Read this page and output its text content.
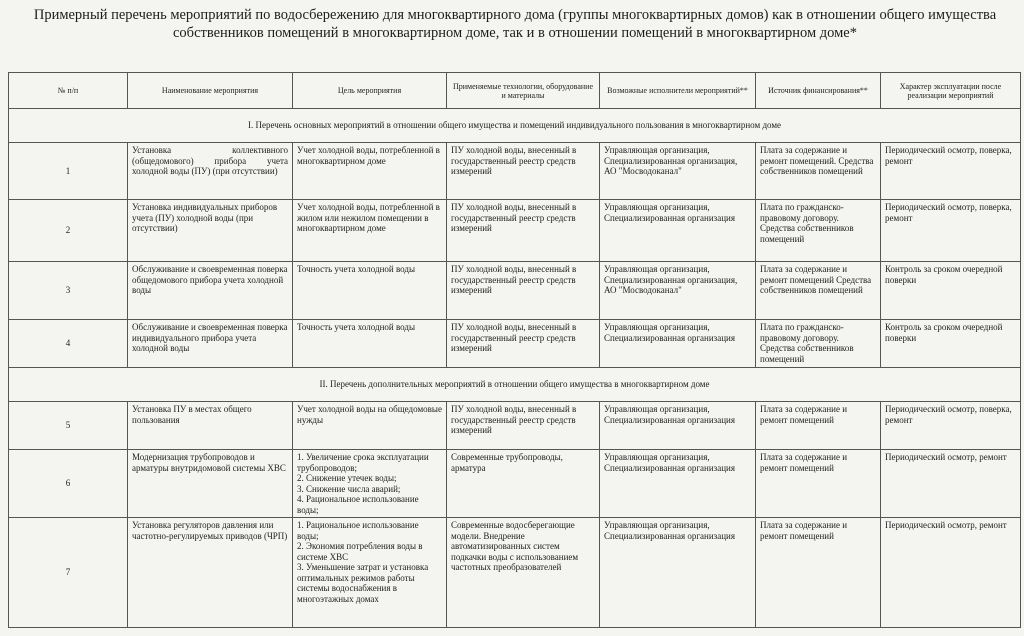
Примерный перечень мероприятий по водосбережению для многоквартирного дома (группы многоквартирных домов) как в отношении общего имущества собственников помещений в многоквартирном доме, так и в отношении помещений в многоквартирном доме*
№ п/п	Наименование мероприятия	Цель мероприятия	Применяемые технологии, оборудование и материалы	Возможные исполнители мероприятий**	Источник финансирования**	Характер эксплуатации после реализации мероприятий
I. Перечень основных мероприятий в отношении общего имущества и помещений индивидуального пользования в многоквартирном доме						
1	Установка коллективного (общедомового) прибора учета холодной воды (ПУ) (при отсутствии)	Учет холодной воды, потребленной в многоквартирном доме	ПУ холодной воды, внесенный в государственный реестр средств измерений	Управляющая организация, Специализированная организация, АО "Мосводоканал"	Плата за содержание и ремонт помещений. Средства собственников помещений	Периодический осмотр, поверка, ремонт
2	Установка индивидуальных приборов учета (ПУ) холодной воды (при отсутствии)	Учет холодной воды, потребленной в жилом или нежилом помещении в многоквартирном доме	ПУ холодной воды, внесенный в государственный реестр средств измерений	Управляющая организация, Специализированная организация	Плата по гражданско-правовому договору. Средства собственников помещений	Периодический осмотр, поверка, ремонт
3	Обслуживание и своевременная поверка общедомового прибора учета холодной воды	Точность учета холодной воды	ПУ холодной воды, внесенный в государственный реестр средств измерений	Управляющая организация, Специализированная организация, АО "Мосводоканал"	Плата за содержание и ремонт помещений Средства собственников помещений	Контроль за сроком очередной поверки
4	Обслуживание и своевременная поверка индивидуального прибора учета холодной воды	Точность учета холодной воды	ПУ холодной воды, внесенный в государственный реестр средств измерений	Управляющая организация, Специализированная организация	Плата по гражданско-правовому договору. Средства собственников помещений	Контроль за сроком очередной поверки
II. Перечень дополнительных мероприятий в отношении общего имущества в многоквартирном доме						
5	Установка ПУ в местах общего пользования	Учет холодной воды на общедомовые нужды	ПУ холодной воды, внесенный в государственный реестр средств измерений	Управляющая организация, Специализированная организация	Плата за содержание и ремонт помещений	Периодический осмотр, поверка, ремонт
6	Модернизация трубопроводов и арматуры внутридомовой системы ХВС	1. Увеличение срока эксплуатации трубопроводов;
2. Снижение утечек воды;
3. Снижение числа аварий;
4. Рациональное использование воды;	Современные трубопроводы, арматура	Управляющая организация, Специализированная организация	Плата за содержание и ремонт помещений	Периодический осмотр, ремонт
7	Установка регуляторов давления или частотно-регулируемых приводов (ЧРП)	1. Рациональное использование воды;
2. Экономия потребления воды в системе ХВС
3. Уменьшение затрат и установка оптимальных режимов работы системы водоснабжения в многоэтажных домах	Современные водосберегающие модели. Внедрение автоматизированных систем подкачки воды с использованием частотных преобразователей	Управляющая организация, Специализированная организация	Плата за содержание и ремонт помещений	Периодический осмотр, ремонт
